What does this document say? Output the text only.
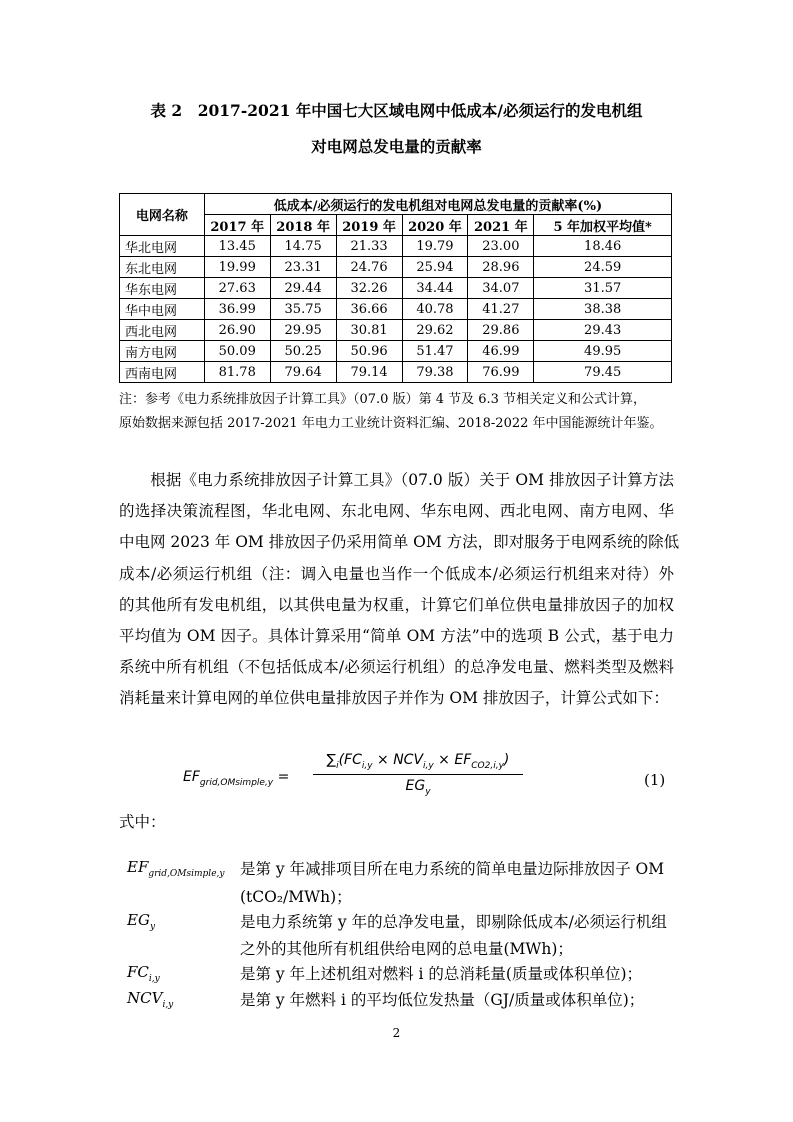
表 2　2017-2021 年中国七大区域电网中低成本/必须运行的发电机组
对电网总发电量的贡献率
电网名称	低成本/必须运行的发电机组对电网总发电量的贡献率(%)					
	2017 年	2018 年	2019 年	2020 年	2021 年	5 年加权平均值*
华北电网	13.45	14.75	21.33	19.79	23.00	18.46
东北电网	19.99	23.31	24.76	25.94	28.96	24.59
华东电网	27.63	29.44	32.26	34.44	34.07	31.57
华中电网	36.99	35.75	36.66	40.78	41.27	38.38
西北电网	26.90	29.95	30.81	29.62	29.86	29.43
南方电网	50.09	50.25	50.96	51.47	46.99	49.95
西南电网	81.78	79.64	79.14	79.38	76.99	79.45
注：参考《电力系统排放因子计算工具》（07.0 版）第 4 节及 6.3 节相关定义和公式计算，
原始数据来源包括 2017-2021 年电力工业统计资料汇编、2018-2022 年中国能源统计年鉴。
　　根据《电力系统排放因子计算工具》（07.0 版）关于 OM 排放因子计算方法
的选择决策流程图，华北电网、东北电网、华东电网、西北电网、南方电网、华
中电网 2023 年 OM 排放因子仍采用简单 OM 方法，即对服务于电网系统的除低
成本/必须运行机组（注：调入电量也当作一个低成本/必须运行机组来对待）外
的其他所有发电机组，以其供电量为权重，计算它们单位供电量排放因子的加权
平均值为 OM 因子。具体计算采用“简单 OM 方法”中的选项 B 公式，基于电力
系统中所有机组（不包括低成本/必须运行机组）的总净发电量、燃料类型及燃料
消耗量来计算电网的单位供电量排放因子并作为 OM 排放因子，计算公式如下：
$EF_{grid,OMsimple,y}$ =
$\sum_i(FC_{i,y} \times NCV_{i,y} \times EF_{CO2,i,y})$
$EG_y$
(1)
式中：
$EF_{grid,OMsimple,y}$ 是第 y 年减排项目所在电力系统的简单电量边际排放因子 OM
(tCO₂/MWh)；
$EG_y$	是电力系统第 y 年的总净发电量，即剔除低成本/必须运行机组
之外的其他所有机组供给电网的总电量(MWh)；
$FC_{i,y}$	是第 y 年上述机组对燃料 i 的总消耗量(质量或体积单位)；
$NCV_{i,y}$	是第 y 年燃料 i 的平均低位发热量（GJ/质量或体积单位)；
2
